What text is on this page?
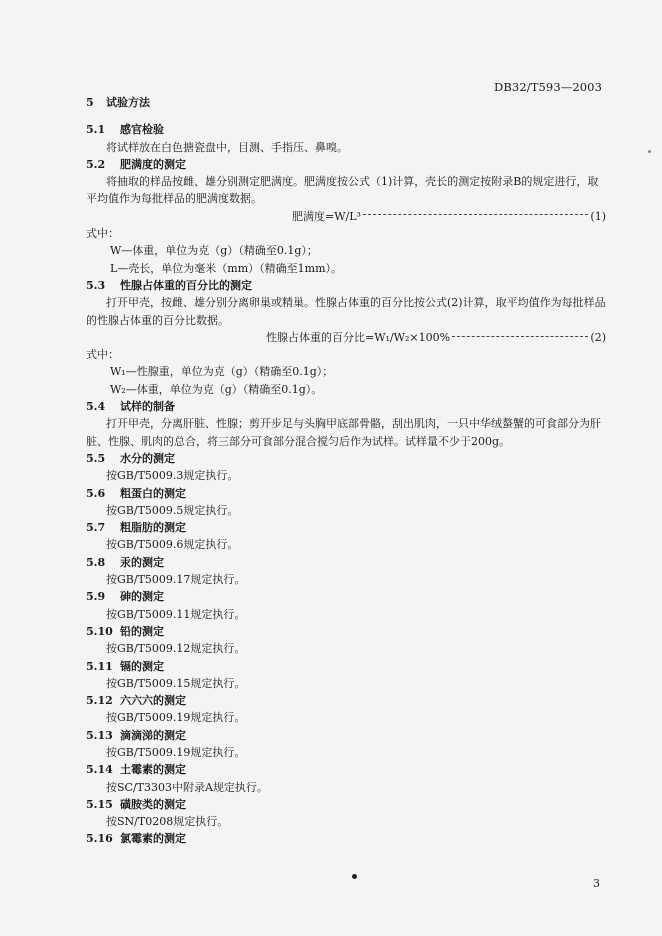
DB32/T593—2003
5 试验方法
5.1 感官检验
将试样放在白色搪瓷盘中，目测、手指压、鼻嗅。
5.2 肥满度的测定
将抽取的样品按雌、雄分别测定肥满度。肥满度按公式（1)计算，壳长的测定按附录B的规定进行，取平均值作为每批样品的肥满度数据。
肥满度=W/L³	(1)
式中：
W—体重，单位为克（g）（精确至0.1g）；
L—壳长，单位为毫米（mm）（精确至1mm）。
5.3 性腺占体重的百分比的测定
打开甲壳，按雌、雄分别分离卵巢或精巢。性腺占体重的百分比按公式(2)计算，取平均值作为每批样品的性腺占体重的百分比数据。
性腺占体重的百分比=W₁/W₂×100%	(2)
式中：
W₁—性腺重，单位为克（g）（精确至0.1g）；
W₂—体重，单位为克（g）（精确至0.1g）。
5.4 试样的制备
打开甲壳，分离肝脏、性腺；剪开步足与头胸甲底部骨骼，刮出肌肉，一只中华绒螯蟹的可食部分为肝脏、性腺、肌肉的总合，将三部分可食部分混合搅匀后作为试样。试样量不少于200g。
5.5 水分的测定
按GB/T5009.3规定执行。
5.6 粗蛋白的测定
按GB/T5009.5规定执行。
5.7 粗脂肪的测定
按GB/T5009.6规定执行。
5.8 汞的测定
按GB/T5009.17规定执行。
5.9 砷的测定
按GB/T5009.11规定执行。
5.10 铅的测定
按GB/T5009.12规定执行。
5.11 镉的测定
按GB/T5009.15规定执行。
5.12 六六六的测定
按GB/T5009.19规定执行。
5.13 滴滴涕的测定
按GB/T5009.19规定执行。
5.14 土霉素的测定
按SC/T3303中附录A规定执行。
5.15 磺胺类的测定
按SN/T0208规定执行。
5.16 氯霉素的测定
3
